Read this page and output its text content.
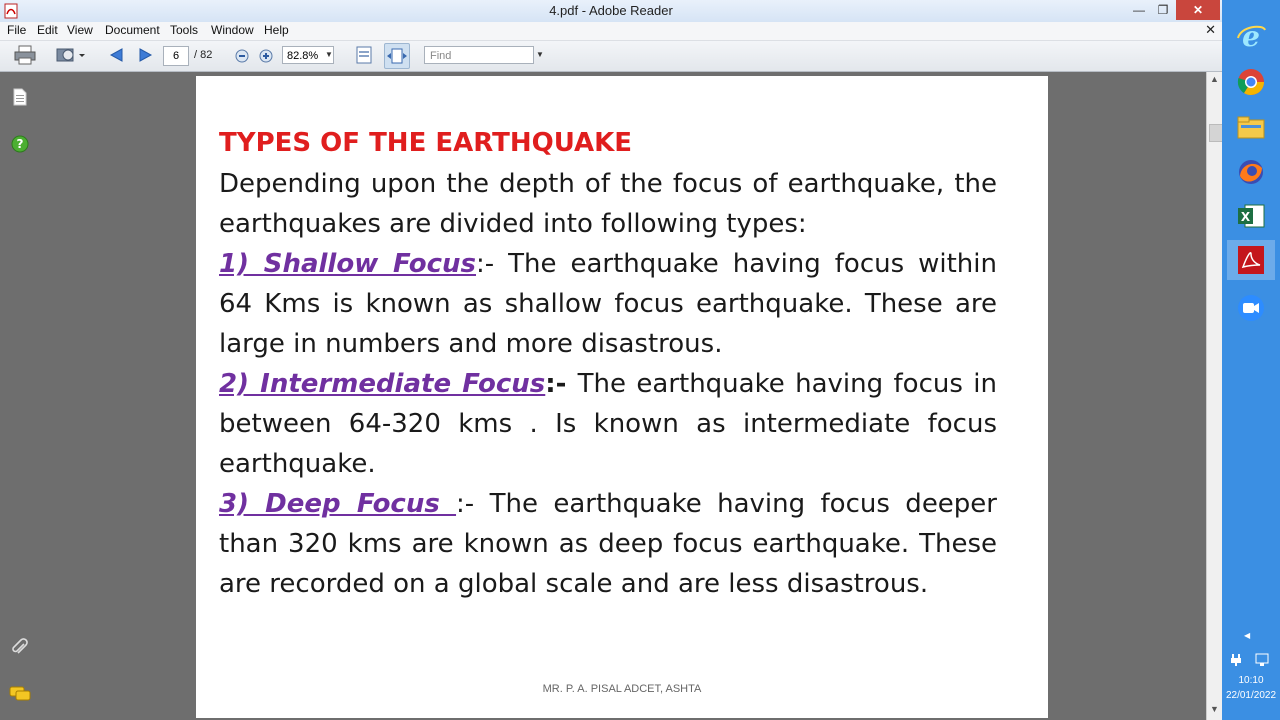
4.pdf - Adobe Reader	—	❐	✕
File Edit View Document Tools Window Help	✕
6	/ 82	82.8% ▼	Find	▼
?	TYPES OF THE EARTHQUAKE

Depending upon the depth of the focus of earthquake, the earthquakes are divided into following types:

1) Shallow Focus:- The earthquake having focus within 64 Kms is known as shallow focus earthquake. These are large in numbers and more disastrous.

2) Intermediate Focus:- The earthquake having focus in between 64-320 kms . Is known as intermediate focus earthquake.

3) Deep Focus :- The earthquake having focus deeper than 320 kms are known as deep focus earthquake. These are recorded on a global scale and are less disastrous.

MR. P. A. PISAL ADCET, ASHTA
▲
▼
e
X
◀
10:10
22/01/2022
